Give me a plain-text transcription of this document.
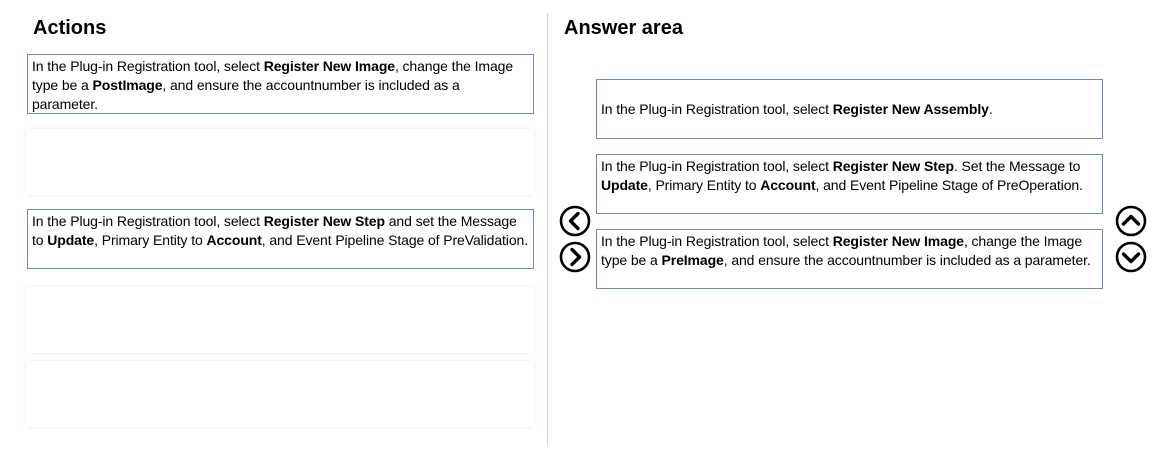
Actions	Answer area
In the Plug-in Registration tool, select Register New Image, change the Image type be a PostImage, and ensure the accountnumber is included as a parameter.
In the Plug-in Registration tool, select Register New Step and set the Message to Update, Primary Entity to Account, and Event Pipeline Stage of PreValidation.
In the Plug-in Registration tool, select Register New Assembly.
In the Plug-in Registration tool, select Register New Step. Set the Message to Update, Primary Entity to Account, and Event Pipeline Stage of PreOperation.
In the Plug-in Registration tool, select Register New Image, change the Image type be a PreImage, and ensure the accountnumber is included as a parameter.
